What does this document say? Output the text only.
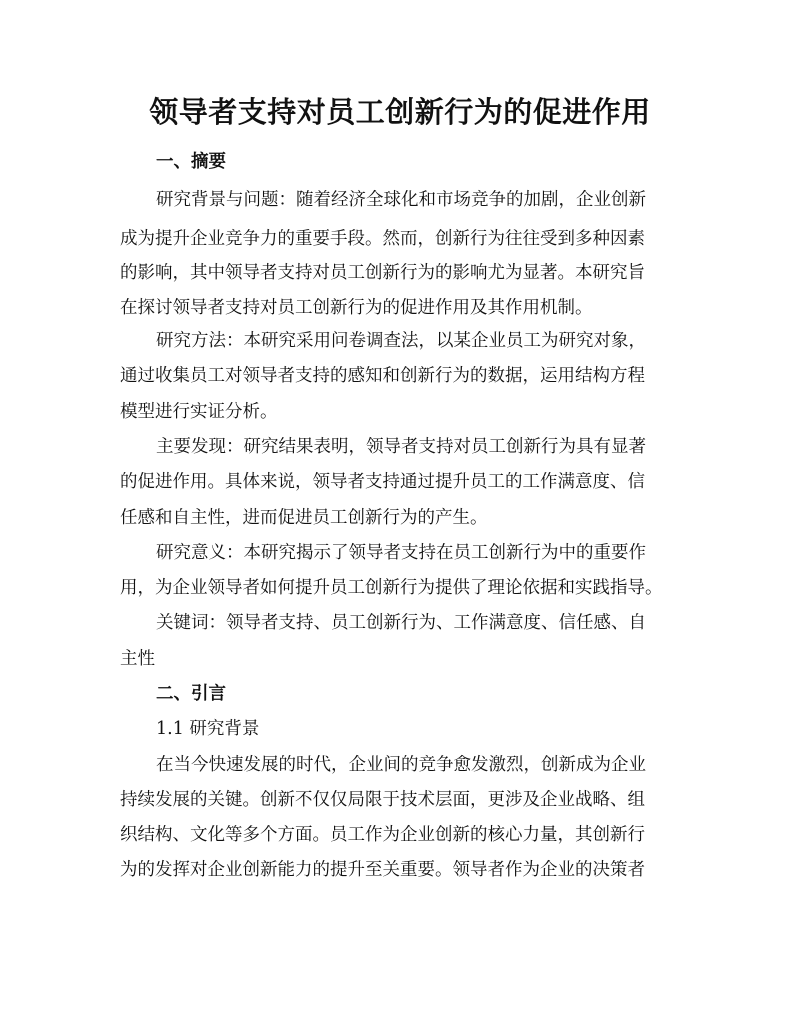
领导者支持对员工创新行为的促进作用
一、摘要
研究背景与问题：随着经济全球化和市场竞争的加剧，企业创新
成为提升企业竞争力的重要手段。然而，创新行为往往受到多种因素
的影响，其中领导者支持对员工创新行为的影响尤为显著。本研究旨
在探讨领导者支持对员工创新行为的促进作用及其作用机制。
研究方法：本研究采用问卷调查法，以某企业员工为研究对象，
通过收集员工对领导者支持的感知和创新行为的数据，运用结构方程
模型进行实证分析。
主要发现：研究结果表明，领导者支持对员工创新行为具有显著
的促进作用。具体来说，领导者支持通过提升员工的工作满意度、信
任感和自主性，进而促进员工创新行为的产生。
研究意义：本研究揭示了领导者支持在员工创新行为中的重要作
用，为企业领导者如何提升员工创新行为提供了理论依据和实践指导。
关键词：领导者支持、员工创新行为、工作满意度、信任感、自
主性
二、引言
1.1 研究背景
在当今快速发展的时代，企业间的竞争愈发激烈，创新成为企业
持续发展的关键。创新不仅仅局限于技术层面，更涉及企业战略、组
织结构、文化等多个方面。员工作为企业创新的核心力量，其创新行
为的发挥对企业创新能力的提升至关重要。领导者作为企业的决策者
